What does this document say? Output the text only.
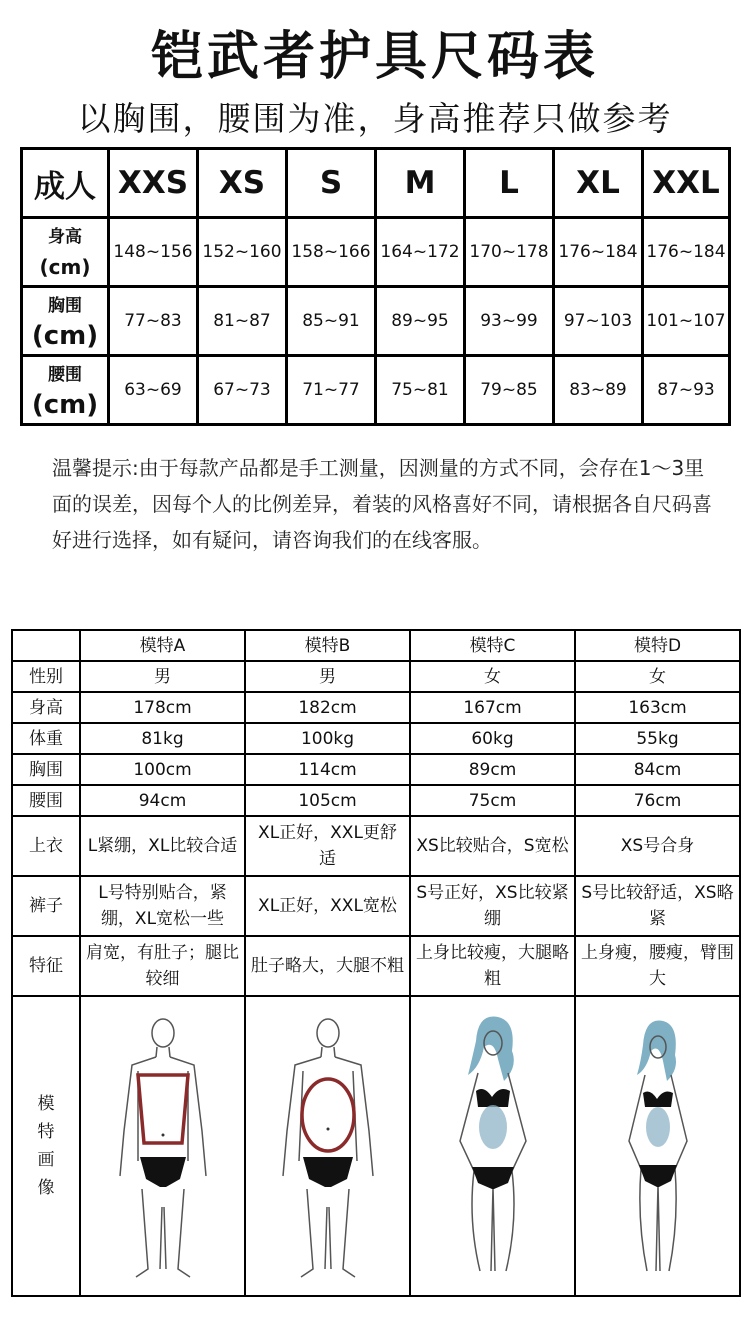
铠武者护具尺码表
以胸围，腰围为准，身高推荐只做参考
成人	XXS	XS	S	M	L	XL	XXL

身高
(cm)	148~156	152~160	158~166	164~172	170~178	176~184	176~184

胸围
(cm)	77~83	81~87	85~91	89~95	93~99	97~103	101~107

腰围
(cm)	63~69	67~73	71~77	75~81	79~85	83~89	87~93
温馨提示:由于每款产品都是手工测量，因测量的方式不同，会存在1～3里面的误差，因每个人的比例差异，着装的风格喜好不同，请根据各自尺码喜好进行选择，如有疑问，请咨询我们的在线客服。
	模特A	模特B	模特C	模特D
性别	男	男	女	女
身高	178cm	182cm	167cm	163cm
体重	81kg	100kg	60kg	55kg
胸围	100cm	114cm	89cm	84cm
腰围	94cm	105cm	75cm	76cm
上衣	L紧绷，XL比较合适	XL正好，XXL更舒适	XS比较贴合，S宽松	XS号合身
裤子	L号特别贴合，紧绷，XL宽松一些	XL正好，XXL宽松	S号正好，XS比较紧绷	S号比较舒适，XS略紧
特征	肩宽，有肚子；腿比较细	肚子略大，大腿不粗	上身比较瘦，大腿略粗	上身瘦，腰瘦，臂围大
模特画像	
